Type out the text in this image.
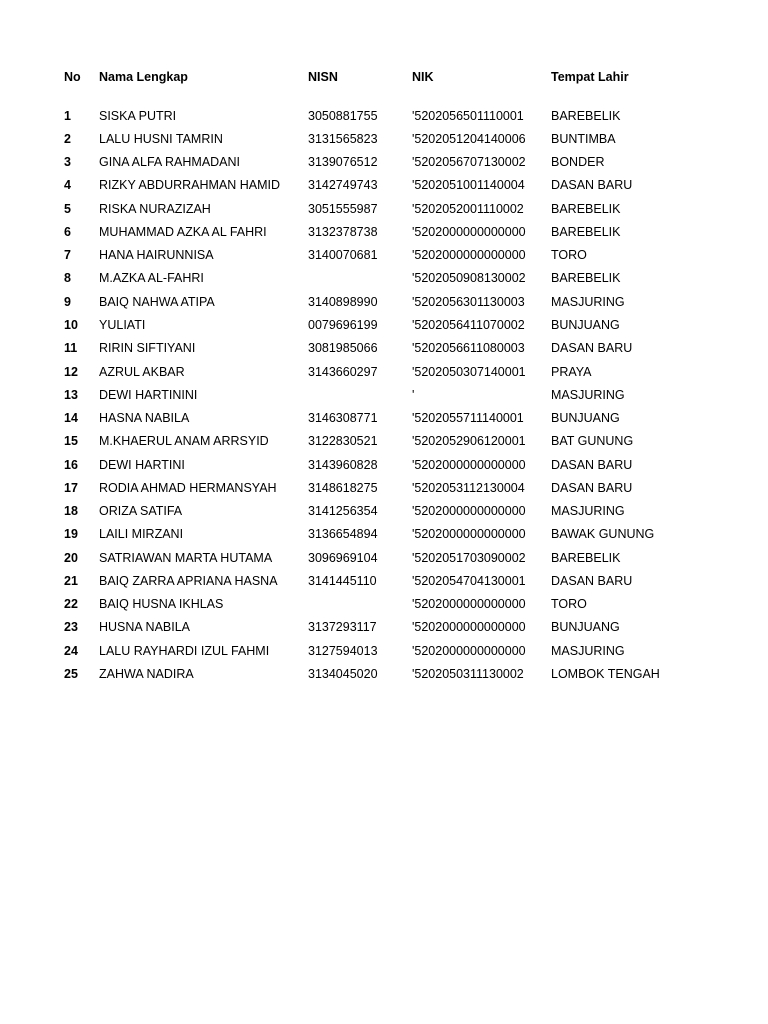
No	Nama Lengkap	NISN	NIK	Tempat Lahir

1	SISKA PUTRI	3050881755	'5202056501110001	BAREBELIK
2	LALU HUSNI TAMRIN	3131565823	'5202051204140006	BUNTIMBA
3	GINA ALFA RAHMADANI	3139076512	'5202056707130002	BONDER
4	RIZKY ABDURRAHMAN HAMID	3142749743	'5202051001140004	DASAN BARU
5	RISKA NURAZIZAH	3051555987	'5202052001110002	BAREBELIK
6	MUHAMMAD AZKA AL FAHRI	3132378738	'5202000000000000	BAREBELIK
7	HANA HAIRUNNISA	3140070681	'5202000000000000	TORO
8	M.AZKA AL-FAHRI		'5202050908130002	BAREBELIK
9	BAIQ NAHWA ATIPA	3140898990	'5202056301130003	MASJURING
10	YULIATI	0079696199	'5202056411070002	BUNJUANG
11	RIRIN SIFTIYANI	3081985066	'5202056611080003	DASAN BARU
12	AZRUL AKBAR	3143660297	'5202050307140001	PRAYA
13	DEWI HARTININI		'	MASJURING
14	HASNA NABILA	3146308771	'5202055711140001	BUNJUANG
15	M.KHAERUL ANAM ARRSYID	3122830521	'5202052906120001	BAT GUNUNG
16	DEWI HARTINI	3143960828	'5202000000000000	DASAN BARU
17	RODIA AHMAD HERMANSYAH	3148618275	'5202053112130004	DASAN BARU
18	ORIZA SATIFA	3141256354	'5202000000000000	MASJURING
19	LAILI MIRZANI	3136654894	'5202000000000000	BAWAK GUNUNG
20	SATRIAWAN MARTA HUTAMA	3096969104	'5202051703090002	BAREBELIK
21	BAIQ ZARRA APRIANA HASNA	3141445110	'5202054704130001	DASAN BARU
22	BAIQ HUSNA IKHLAS		'5202000000000000	TORO
23	HUSNA NABILA	3137293117	'5202000000000000	BUNJUANG
24	LALU RAYHARDI IZUL FAHMI	3127594013	'5202000000000000	MASJURING
25	ZAHWA NADIRA	3134045020	'5202050311130002	LOMBOK TENGAH
